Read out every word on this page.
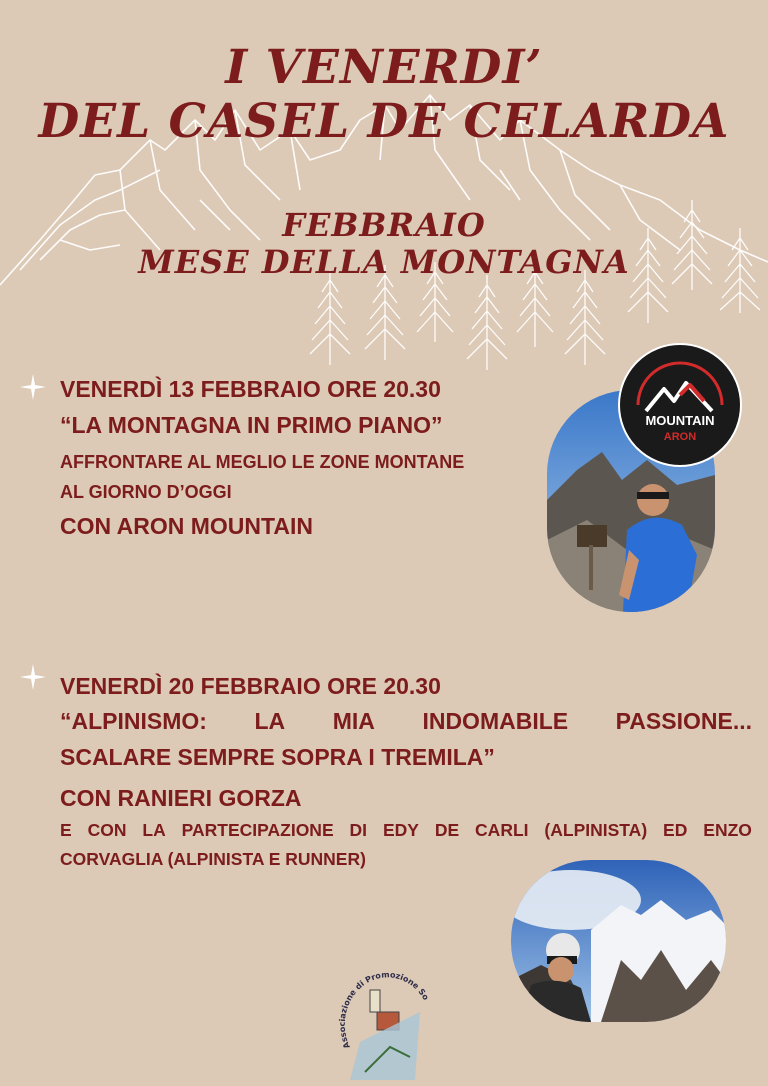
I VENERDI’
DEL CASEL DE CELARDA
FEBBRAIO
MESE DELLA MONTAGNA

VENERDÌ 13 FEBBRAIO ORE 20.30

“LA MONTAGNA IN PRIMO PIANO”

AFFRONTARE AL MEGLIO LE ZONE MONTANE

AL GIORNO D’OGGI

CON ARON MOUNTAIN

MOUNTAIN
ARON

VENERDÌ 20 FEBBRAIO ORE 20.30

“ALPINISMO: LA MIA INDOMABILE PASSIONE...

SCALARE SEMPRE SOPRA I TREMILA”

CON RANIERI GORZA

E CON LA PARTECIPAZIONE DI EDY DE CARLI (ALPINISTA) ED ENZO

CORVAGLIA (ALPINISTA E RUNNER)

Associazione di Promozione So
